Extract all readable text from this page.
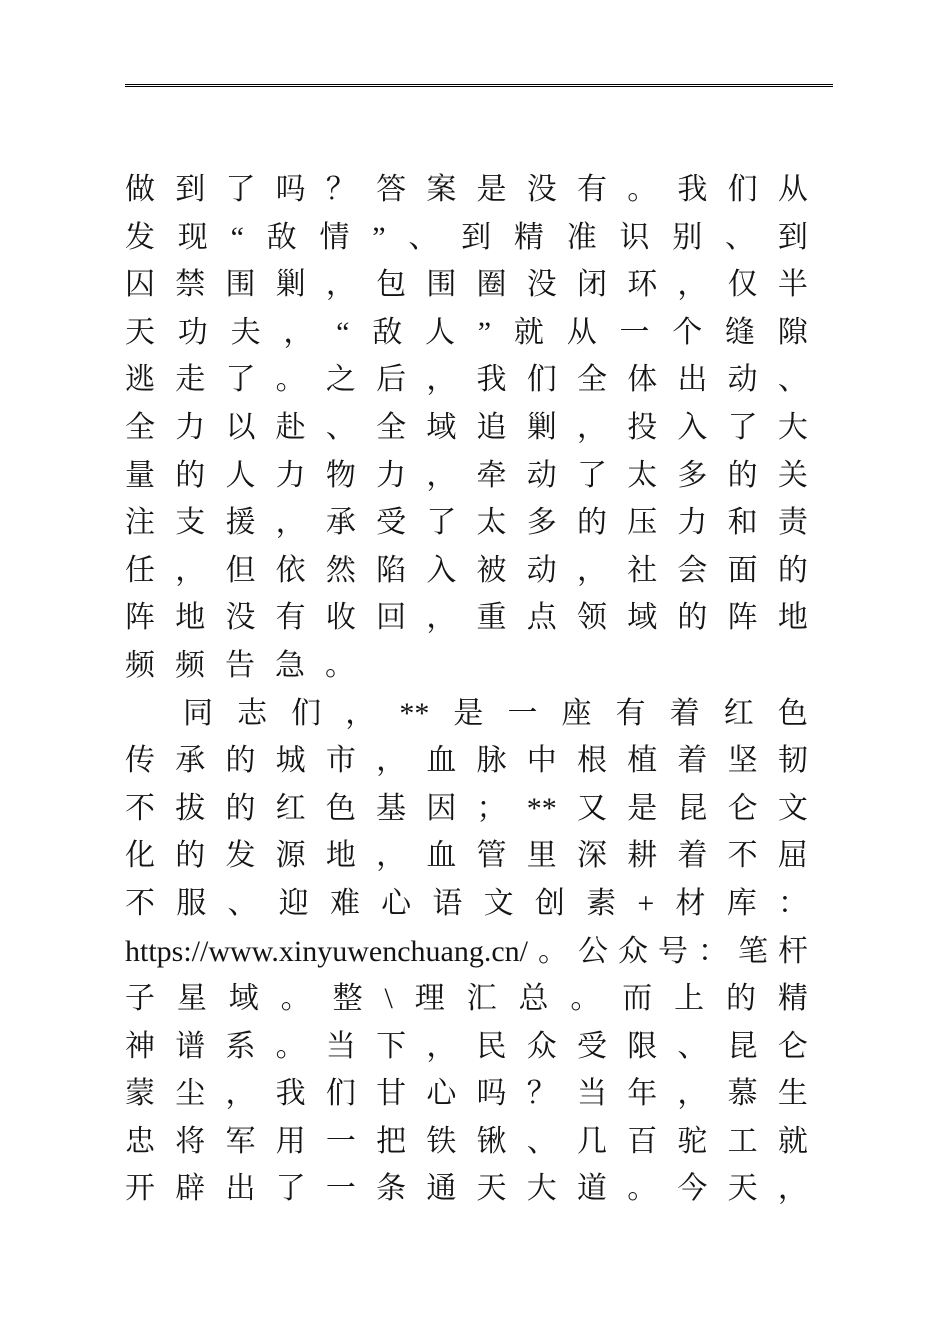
做 到 了 吗 ？ 答 案 是 没 有 。 我 们 从
发 现 “ 敌 情 ” 、 到 精 准 识 别 、 到
囚 禁 围 剿 ， 包 围 圈 没 闭 环 ， 仅 半
天 功 夫 ， “ 敌 人 ” 就 从 一 个 缝 隙
逃 走 了 。 之 后 ， 我 们 全 体 出 动 、
全 力 以 赴 、 全 域 追 剿 ， 投 入 了 大
量 的 人 力 物 力 ， 牵 动 了 太 多 的 关
注 支 援 ， 承 受 了 太 多 的 压 力 和 责
任 ， 但 依 然 陷 入 被 动 ， 社 会 面 的
阵 地 没 有 收 回 ， 重 点 领 域 的 阵 地
频 频 告 急 。
同 志 们 ， ** 是 一 座 有 着 红 色
传 承 的 城 市 ， 血 脉 中 根 植 着 坚 韧
不 拔 的 红 色 基 因 ； ** 又 是 昆 仑 文
化 的 发 源 地 ， 血 管 里 深 耕 着 不 屈
不 服 、 迎 难 心 语 文 创 素 + 材 库 ：
https://www.xinyuwenchuang.cn/ 。 公 众 号 ： 笔 杆
子 星 域 。 整 \ 理 汇 总 。 而 上 的 精
神 谱 系 。 当 下 ， 民 众 受 限 、 昆 仑
蒙 尘 ， 我 们 甘 心 吗 ？ 当 年 ， 慕 生
忠 将 军 用 一 把 铁 锹 、 几 百 驼 工 就
开 辟 出 了 一 条 通 天 大 道 。 今 天 ，
